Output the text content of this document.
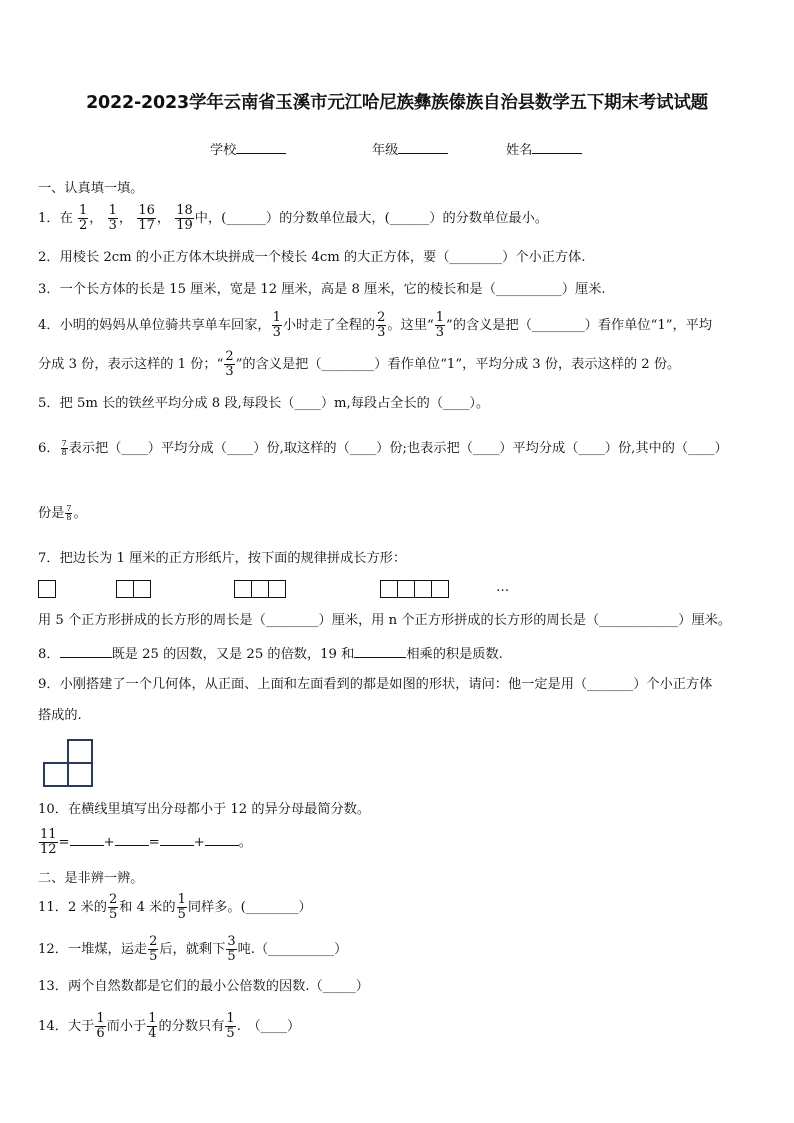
2022-2023学年云南省玉溪市元江哈尼族彝族傣族自治县数学五下期末考试试题
学校	年级	姓名
一、认真填一填。
1．在 $\frac{1}{2}$ ， $\frac{1}{3}$ ， $\frac{16}{17}$ ， $\frac{18}{19}$ 中，(______）的分数单位最大，(______）的分数单位最小。
2．用棱长 2cm 的小正方体木块拼成一个棱长 4cm 的大正方体，要（________）个小正方体.
3．一个长方体的长是 15 厘米，宽是 12 厘米，高是 8 厘米，它的棱长和是（__________）厘米.
4．小明的妈妈从单位骑共享单车回家， $\frac{1}{3}$ 小时走了全程的 $\frac{2}{3}$ 。这里“ $\frac{1}{3}$ ”的含义是把（________）看作单位“1”，平均
分成 3 份，表示这样的 1 份；“ $\frac{2}{3}$ ”的含义是把（________）看作单位“1”，平均分成 3 份，表示这样的 2 份。
5．把 5m 长的铁丝平均分成 8 段,每段长（____）m,每段占全长的（____）。
6． $\frac{7}{8}$ 表示把（____）平均分成（____）份,取这样的（____）份;也表示把（____）平均分成（____）份,其中的（____）
份是 $\frac{7}{8}$ 。
7．把边长为 1 厘米的正方形纸片，按下面的规律拼成长方形：
…
用 5 个正方形拼成的长方形的周长是（________）厘米，用 n 个正方形拼成的长方形的周长是（____________）厘米。
8．	既是 25 的因数，又是 25 的倍数，19 和	相乘的积是质数.
9．小刚搭建了一个几何体，从正面、上面和左面看到的都是如图的形状，请问：他一定是用（_______）个小正方体
搭成的.
10．在横线里填写出分母都小于 12 的异分母最简分数。
$\frac{11}{12}$ =	+	=	+	。
二、是非辨一辨。
11．2 米的 $\frac{2}{5}$ 和 4 米的 $\frac{1}{5}$ 同样多。(________）
12．一堆煤，运走 $\frac{2}{5}$ 后，就剩下 $\frac{3}{5}$ 吨.（__________）
13．两个自然数都是它们的最小公倍数的因数.（_____）
14．大于 $\frac{1}{6}$ 而小于 $\frac{1}{4}$ 的分数只有 $\frac{1}{5}$ .　（____）
